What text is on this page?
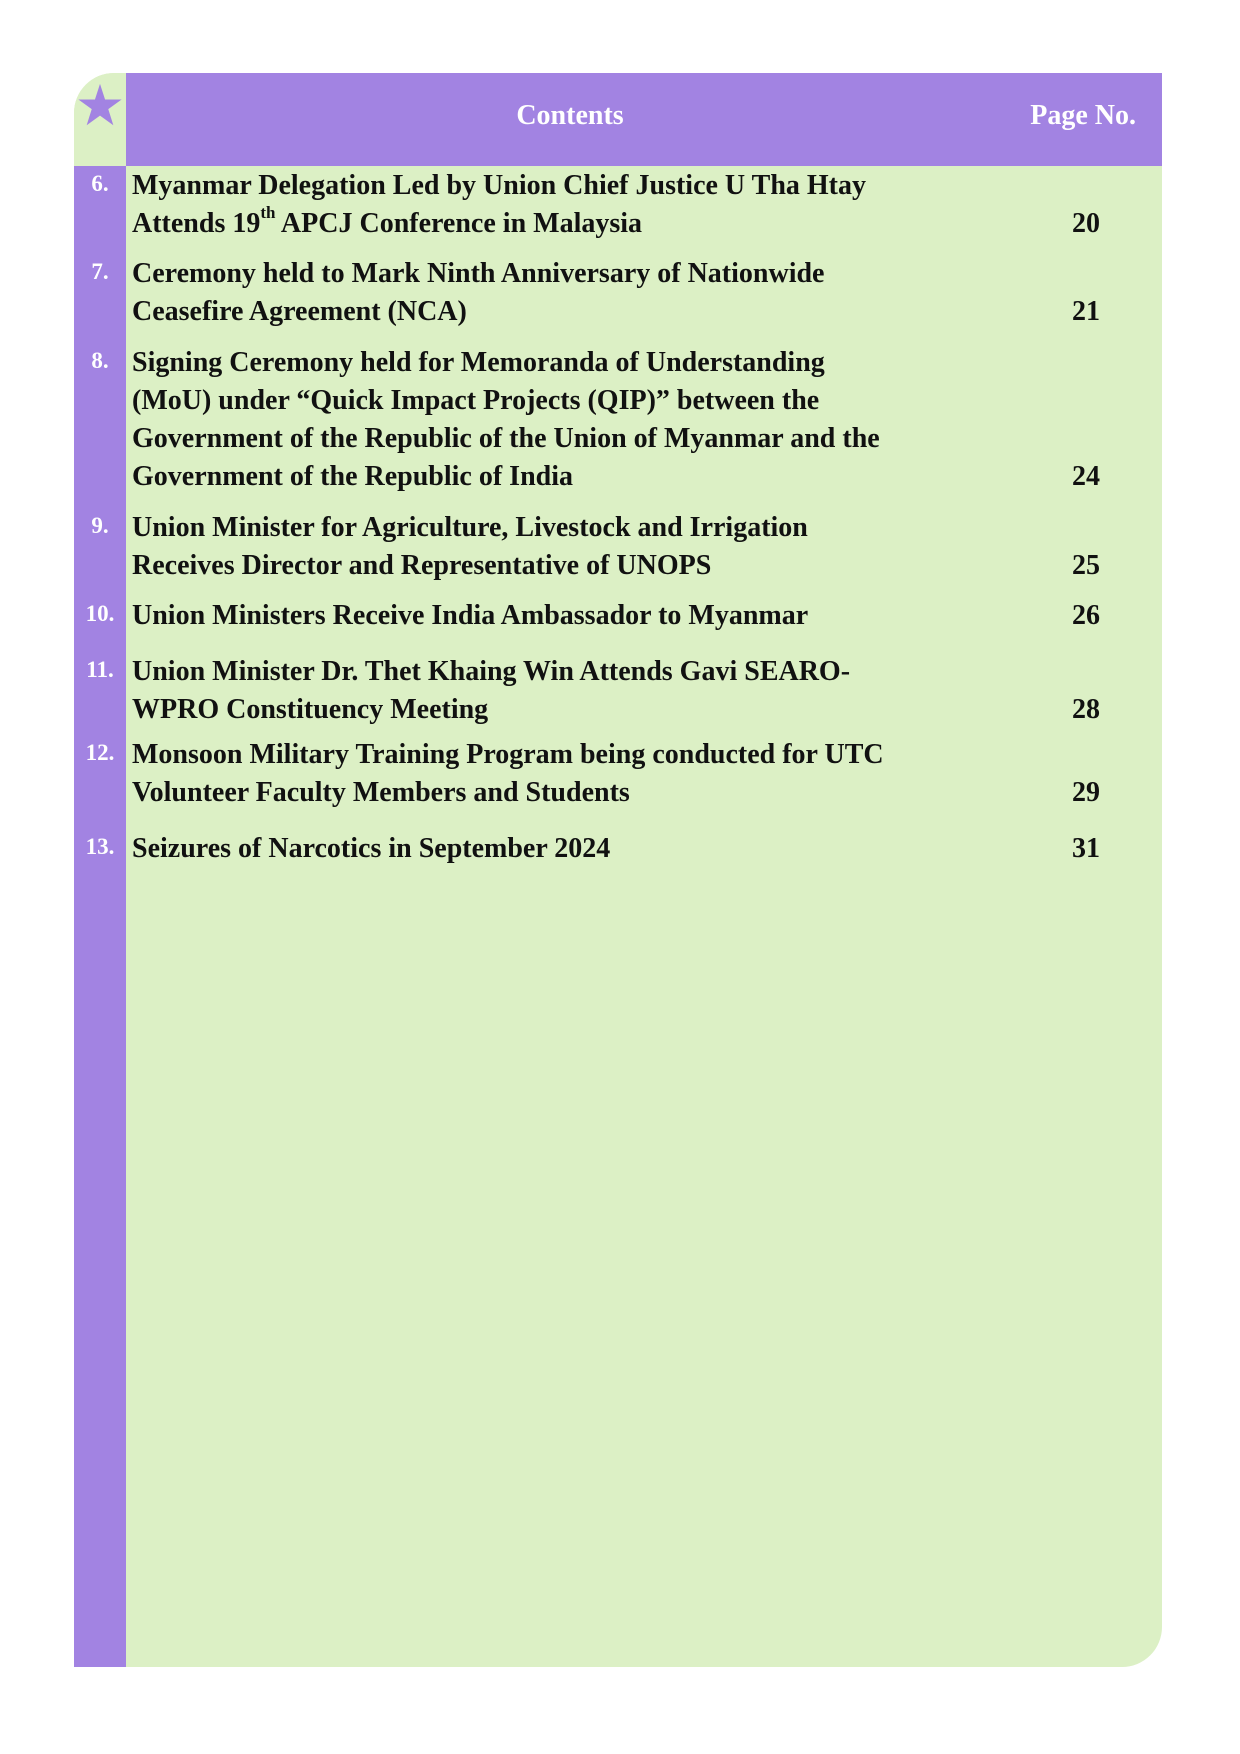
Contents	Page No.
6. Myanmar Delegation Led by Union Chief Justice U Tha Htay
Attends 19th APCJ Conference in Malaysia	20
7. Ceremony held to Mark Ninth Anniversary of Nationwide
Ceasefire Agreement (NCA)	21
8. Signing Ceremony held for Memoranda of Understanding
(MoU) under “Quick Impact Projects (QIP)” between the
Government of the Republic of the Union of Myanmar and the
Government of the Republic of India	24
9. Union Minister for Agriculture, Livestock and Irrigation
Receives Director and Representative of UNOPS	25
10. Union Ministers Receive India Ambassador to Myanmar	26
11. Union Minister Dr. Thet Khaing Win Attends Gavi SEARO-
WPRO Constituency Meeting	28
12. Monsoon Military Training Program being conducted for UTC
Volunteer Faculty Members and Students	29
13. Seizures of Narcotics in September 2024	31
